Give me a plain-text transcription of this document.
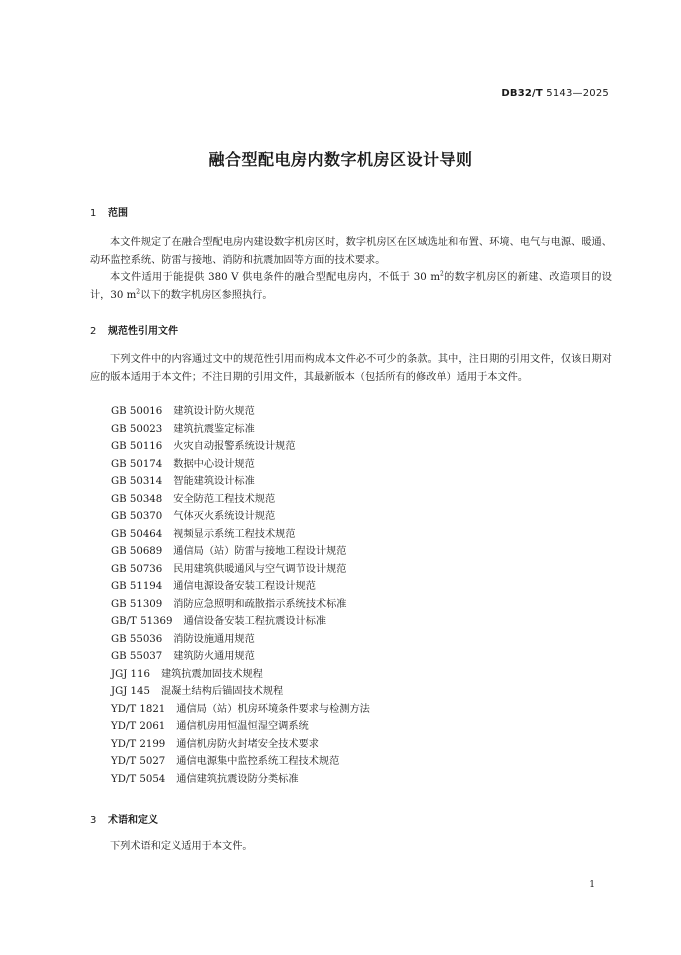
DB32/T 5143—2025
融合型配电房内数字机房区设计导则
1 范围

本文件规定了在融合型配电房内建设数字机房区时，数字机房区在区域选址和布置、环境、电气与电源、暖通、动环监控系统、防雷与接地、消防和抗震加固等方面的技术要求。

本文件适用于能提供 380 V 供电条件的融合型配电房内，不低于 30 $m^2$的数字机房区的新建、改造项目的设计，30 $m^2$以下的数字机房区参照执行。

2 规范性引用文件

下列文件中的内容通过文中的规范性引用而构成本文件必不可少的条款。其中，注日期的引用文件，仅该日期对应的版本适用于本文件；不注日期的引用文件，其最新版本（包括所有的修改单）适用于本文件。

GB 50016 建筑设计防火规范
GB 50023 建筑抗震鉴定标准
GB 50116 火灾自动报警系统设计规范
GB 50174 数据中心设计规范
GB 50314 智能建筑设计标准
GB 50348 安全防范工程技术规范
GB 50370 气体灭火系统设计规范
GB 50464 视频显示系统工程技术规范
GB 50689 通信局（站）防雷与接地工程设计规范
GB 50736 民用建筑供暖通风与空气调节设计规范
GB 51194 通信电源设备安装工程设计规范
GB 51309 消防应急照明和疏散指示系统技术标准
GB/T 51369 通信设备安装工程抗震设计标准
GB 55036 消防设施通用规范
GB 55037 建筑防火通用规范
JGJ 116 建筑抗震加固技术规程
JGJ 145 混凝土结构后锚固技术规程
YD/T 1821 通信局（站）机房环境条件要求与检测方法
YD/T 2061 通信机房用恒温恒湿空调系统
YD/T 2199 通信机房防火封堵安全技术要求
YD/T 5027 通信电源集中监控系统工程技术规范
YD/T 5054 通信建筑抗震设防分类标准
3 术语和定义

下列术语和定义适用于本文件。

1
